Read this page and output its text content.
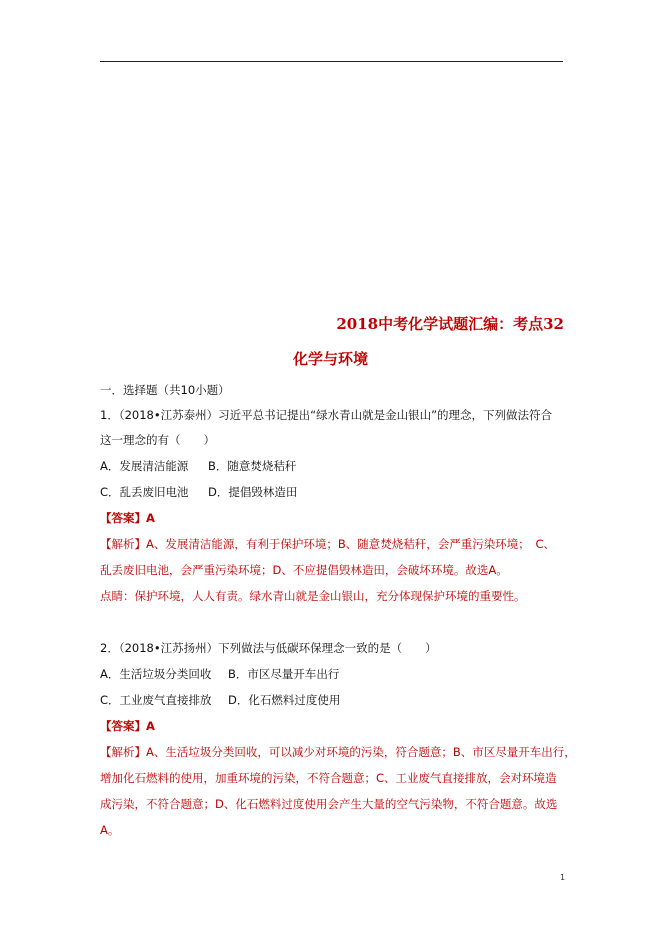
2018中考化学试题汇编：考点32
化学与环境
一．选择题（共10小题）
1．（2018•江苏泰州）习近平总书记提出“绿水青山就是金山银山”的理念，下列做法符合
这一理念的有（　　）
A．发展清洁能源 B．随意焚烧秸秆
C．乱丢废旧电池 D．提倡毁林造田
【答案】A
【解析】A、发展清洁能源，有利于保护环境；B、随意焚烧秸秆，会严重污染环境；　C、
乱丢废旧电池，会严重污染环境；D、不应提倡毁林造田，会破坏环境。故选A。
点睛：保护环境，人人有责。绿水青山就是金山银山，充分体现保护环境的重要性。
2．（2018•江苏扬州）下列做法与低碳环保理念一致的是（　　）
A．生活垃圾分类回收 B．市区尽量开车出行
C．工业废气直接排放 D．化石燃料过度使用
【答案】A
【解析】A、生活垃圾分类回收，可以减少对环境的污染，符合题意；B、市区尽量开车出行，
增加化石燃料的使用，加重环境的污染，不符合题意；C、工业废气直接排放，会对环境造
成污染，不符合题意；D、化石燃料过度使用会产生大量的空气污染物，不符合题意。故选
A。
1
